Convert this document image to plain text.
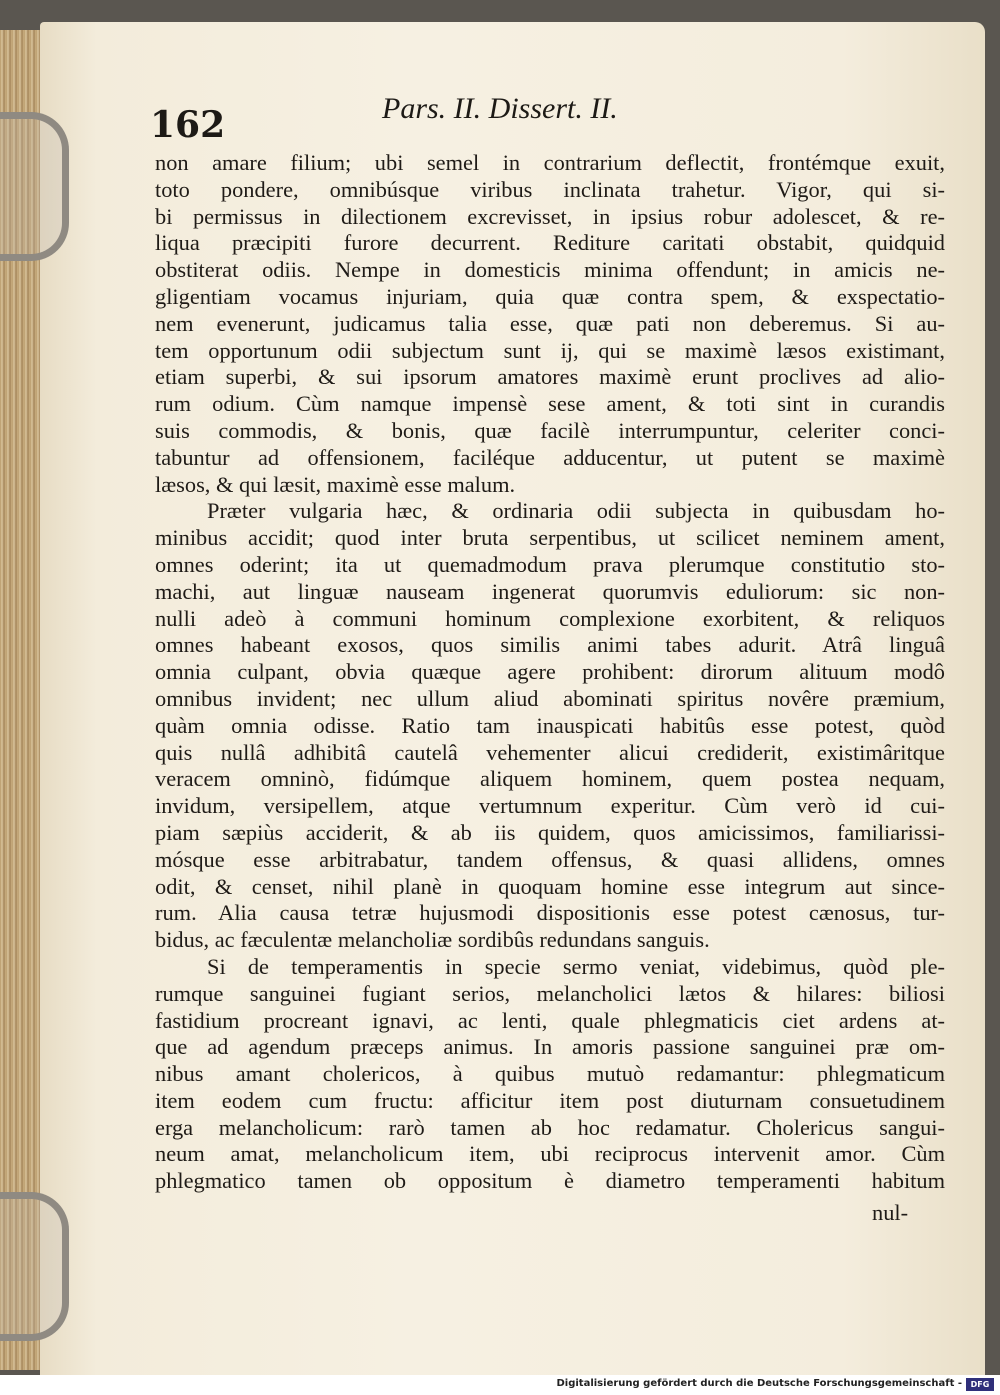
162	Pars. II. Dissert. II.
non amare filium; ubi semel in contrarium deflectit, frontémque exuit,
toto pondere, omnibúsque viribus inclinata trahetur. Vigor, qui si-
bi permissus in dilectionem excrevisset, in ipsius robur adolescet, & re-
liqua præcipiti furore decurrent. Rediture caritati obstabit, quidquid
obstiterat odiis. Nempe in domesticis minima offendunt; in amicis ne-
gligentiam vocamus injuriam, quia quæ contra spem, & exspectatio-
nem evenerunt, judicamus talia esse, quæ pati non deberemus. Si au-
tem opportunum odii subjectum sunt ij, qui se maximè læsos existimant,
etiam superbi, & sui ipsorum amatores maximè erunt proclives ad alio-
rum odium. Cùm namque impensè sese ament, & toti sint in curandis
suis commodis, & bonis, quæ facilè interrumpuntur, celeriter conci-
tabuntur ad offensionem, faciléque adducentur, ut putent se maximè
læsos, & qui læsit, maximè esse malum.
Præter vulgaria hæc, & ordinaria odii subjecta in quibusdam ho-
minibus accidit; quod inter bruta serpentibus, ut scilicet neminem ament,
omnes oderint; ita ut quemadmodum prava plerumque constitutio sto-
machi, aut linguæ nauseam ingenerat quorumvis eduliorum: sic non-
nulli adeò à communi hominum complexione exorbitent, & reliquos
omnes habeant exosos, quos similis animi tabes adurit. Atrâ linguâ
omnia culpant, obvia quæque agere prohibent: dirorum alituum modô
omnibus invident; nec ullum aliud abominati spiritus novêre præmium,
quàm omnia odisse. Ratio tam inauspicati habitûs esse potest, quòd
quis nullâ adhibitâ cautelâ vehementer alicui crediderit, existimâritque
veracem omninò, fidúmque aliquem hominem, quem postea nequam,
invidum, versipellem, atque vertumnum experitur. Cùm verò id cui-
piam sæpiùs acciderit, & ab iis quidem, quos amicissimos, familiarissi-
mósque esse arbitrabatur, tandem offensus, & quasi allidens, omnes
odit, & censet, nihil planè in quoquam homine esse integrum aut since-
rum. Alia causa tetræ hujusmodi dispositionis esse potest cænosus, tur-
bidus, ac fæculentæ melancholiæ sordibûs redundans sanguis.
Si de temperamentis in specie sermo veniat, videbimus, quòd ple-
rumque sanguinei fugiant serios, melancholici lætos & hilares: biliosi
fastidium procreant ignavi, ac lenti, quale phlegmaticis ciet ardens at-
que ad agendum præceps animus. In amoris passione sanguinei præ om-
nibus amant cholericos, à quibus mutuò redamantur: phlegmaticum
item eodem cum fructu: afficitur item post diuturnam consuetudinem
erga melancholicum: rarò tamen ab hoc redamatur. Cholericus sangui-
neum amat, melancholicum item, ubi reciprocus intervenit amor. Cùm
phlegmatico tamen ob oppositum è diametro temperamenti habitum
nul-
Digitalisierung gefördert durch die Deutsche Forschungsgemeinschaft -	DFG
